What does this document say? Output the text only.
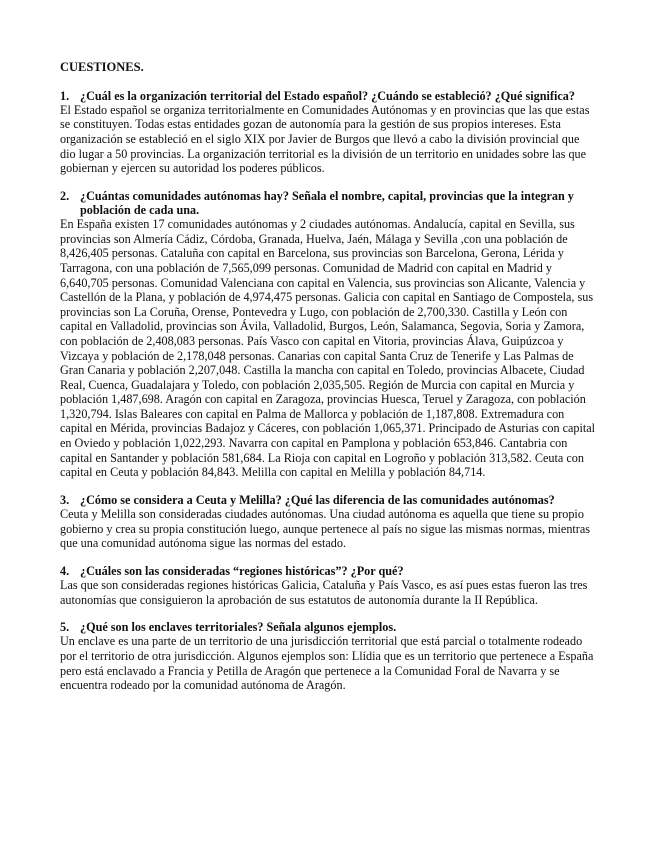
CUESTIONES.
1. ¿Cuál es la organización territorial del Estado español? ¿Cuándo se estableció? ¿Qué significa?

El Estado español se organiza territorialmente en Comunidades Autónomas y en provincias que las que estas se constituyen. Todas estas entidades gozan de autonomía para la gestión de sus propios intereses. Esta organización se estableció en el siglo XIX por Javier de Burgos que llevó a cabo la división provincial que dio lugar a 50 provincias. La organización territorial es la división de un territorio en unidades sobre las que gobiernan y ejercen su autoridad los poderes públicos.

2. ¿Cuántas comunidades autónomas hay? Señala el nombre, capital, provincias que la integran y población de cada una.

En España existen 17 comunidades autónomas y 2 ciudades autónomas. Andalucía, capital en Sevilla, sus provincias son Almería Cádiz, Córdoba, Granada, Huelva, Jaén, Málaga y Sevilla ,con una población de 8,426,405 personas. Cataluña con capital en Barcelona, sus provincias son Barcelona, Gerona, Lérida y Tarragona, con una población de 7,565,099 personas. Comunidad de Madrid con capital en Madrid y 6,640,705 personas. Comunidad Valenciana con capital en Valencia, sus provincias son Alicante, Valencia y Castellón de la Plana, y población de 4,974,475 personas. Galicia con capital en Santiago de Compostela, sus provincias son La Coruña, Orense, Pontevedra y Lugo, con población de 2,700,330. Castilla y León con capital en Valladolid, provincias son Ávila, Valladolid, Burgos, León, Salamanca, Segovia, Soria y Zamora, con población de 2,408,083 personas. País Vasco con capital en Vitoria, provincias Álava, Guipúzcoa y Vizcaya y población de 2,178,048 personas. Canarias con capital Santa Cruz de Tenerife y Las Palmas de Gran Canaria y población 2,207,048. Castilla la mancha con capital en Toledo, provincias Albacete, Ciudad Real, Cuenca, Guadalajara y Toledo, con población 2,035,505. Región de Murcia con capital en Murcia y población 1,487,698. Aragón con capital en Zaragoza, provincias Huesca, Teruel y Zaragoza, con población 1,320,794. Islas Baleares con capital en Palma de Mallorca y población de 1,187,808. Extremadura con capital en Mérida, provincias Badajoz y Cáceres, con población 1,065,371. Principado de Asturias con capital en Oviedo y población 1,022,293. Navarra con capital en Pamplona y población 653,846. Cantabria con capital en Santander y población 581,684. La Rioja con capital en Logroño y población 313,582. Ceuta con capital en Ceuta y población 84,843. Melilla con capital en Melilla y población 84,714.

3. ¿Cómo se considera a Ceuta y Melilla? ¿Qué las diferencia de las comunidades autónomas?

Ceuta y Melilla son consideradas ciudades autónomas. Una ciudad autónoma es aquella que tiene su propio gobierno y crea su propia constitución luego, aunque pertenece al país no sigue las mismas normas, mientras que una comunidad autónoma sigue las normas del estado.

4. ¿Cuáles son las consideradas “regiones históricas”? ¿Por qué?

Las que son consideradas regiones históricas Galicia, Cataluña y País Vasco, es así pues estas fueron las tres autonomías que consiguieron la aprobación de sus estatutos de autonomía durante la II República.

5. ¿Qué son los enclaves territoriales? Señala algunos ejemplos.

Un enclave es una parte de un territorio de una jurisdicción territorial que está parcial o totalmente rodeado por el territorio de otra jurisdicción. Algunos ejemplos son: Llídia que es un territorio que pertenece a España pero está enclavado a Francia y Petilla de Aragón que pertenece a la Comunidad Foral de Navarra y se encuentra rodeado por la comunidad autónoma de Aragón.
